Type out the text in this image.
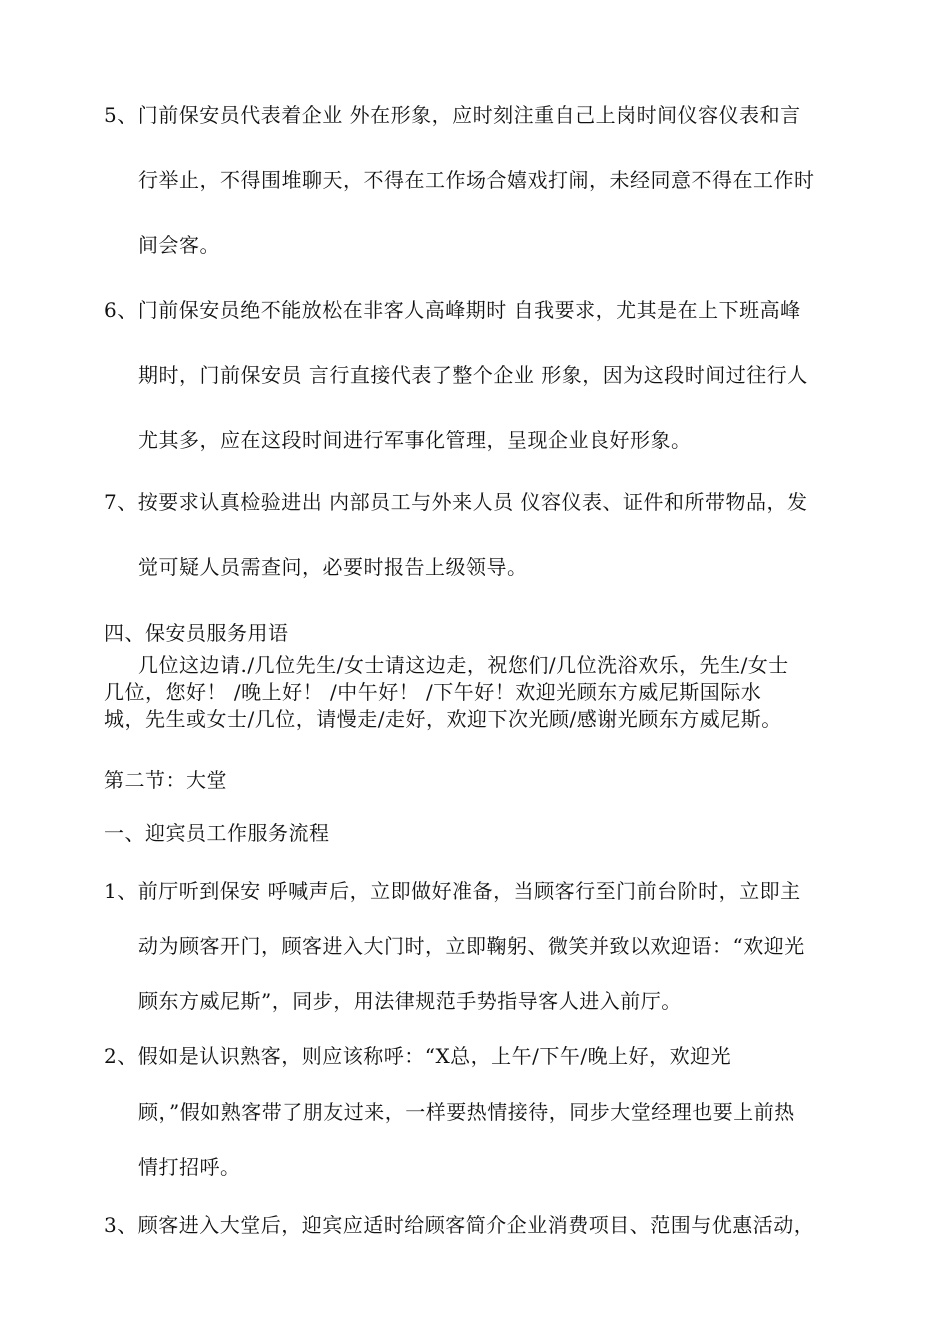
5、门前保安员代表着企业 外在形象，应时刻注重自己上岗时间仪容仪表和言
行举止，不得围堆聊天，不得在工作场合嬉戏打闹，未经同意不得在工作时
间会客。
6、门前保安员绝不能放松在非客人高峰期时 自我要求，尤其是在上下班高峰
期时，门前保安员 言行直接代表了整个企业 形象，因为这段时间过往行人
尤其多，应在这段时间进行军事化管理，呈现企业良好形象。
7、按要求认真检验进出 内部员工与外来人员 仪容仪表、证件和所带物品，发
觉可疑人员需查问，必要时报告上级领导。
四、保安员服务用语
几位这边请./几位先生/女士请这边走，祝您们/几位洗浴欢乐，先生/女士
几位，您好！ /晚上好！ /中午好！ /下午好！欢迎光顾东方威尼斯国际水
城，先生或女士/几位，请慢走/走好，欢迎下次光顾/感谢光顾东方威尼斯。
第二节：大堂
一、迎宾员工作服务流程
1、前厅听到保安 呼喊声后，立即做好准备，当顾客行至门前台阶时，立即主
动为顾客开门，顾客进入大门时，立即鞠躬、微笑并致以欢迎语：“欢迎光
顾东方威尼斯”，同步，用法律规范手势指导客人进入前厅。
2、假如是认识熟客，则应该称呼：“X总，上午/下午/晚上好，欢迎光
顾，”假如熟客带了朋友过来，一样要热情接待，同步大堂经理也要上前热
情打招呼。
3、顾客进入大堂后，迎宾应适时给顾客简介企业消费项目、范围与优惠活动，
